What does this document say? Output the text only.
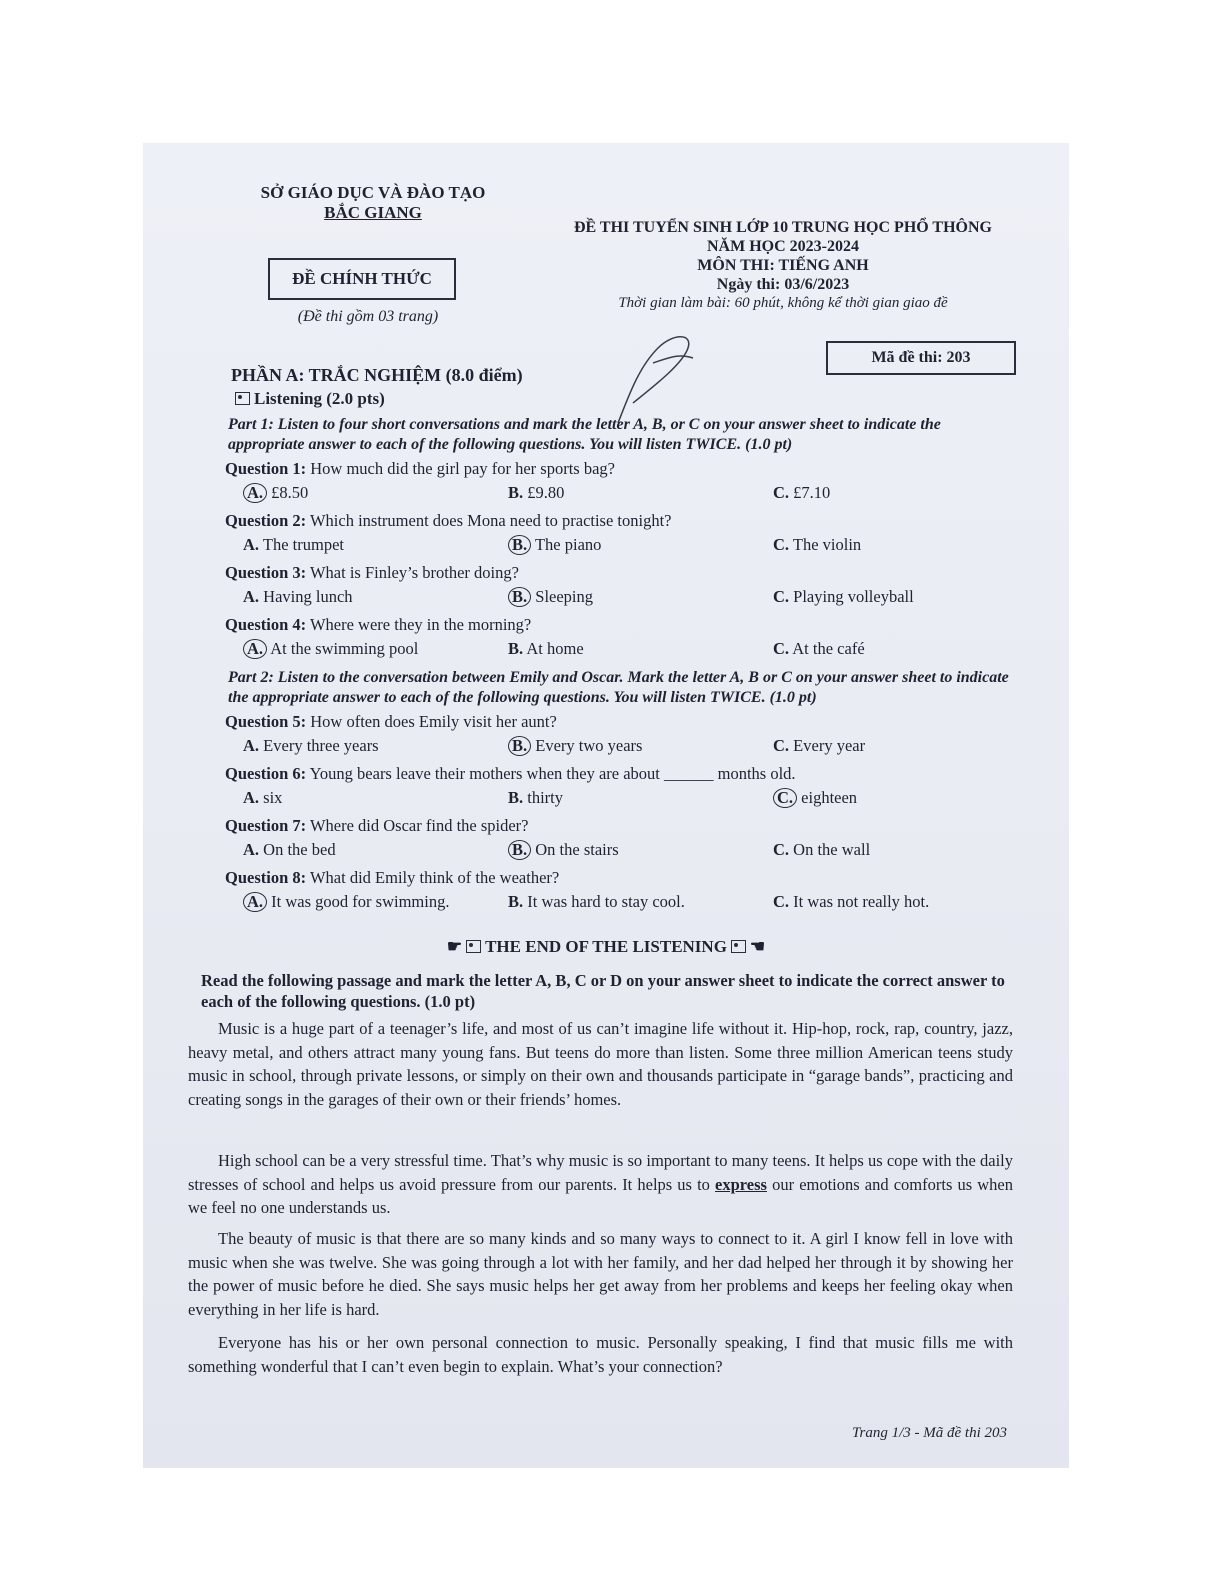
SỞ GIÁO DỤC VÀ ĐÀO TẠO
BẮC GIANG
ĐỀ CHÍNH THỨC
(Đề thi gồm 03 trang)
ĐỀ THI TUYỂN SINH LỚP 10 TRUNG HỌC PHỔ THÔNG
NĂM HỌC 2023-2024
MÔN THI: TIẾNG ANH
Ngày thi: 03/6/2023
Thời gian làm bài: 60 phút, không kể thời gian giao đề
Mã đề thi: 203
PHẦN A: TRẮC NGHIỆM (8.0 điểm)
Listening (2.0 pts)
Part 1: Listen to four short conversations and mark the letter A, B, or C on your answer sheet to indicate the appropriate answer to each of the following questions. You will listen TWICE. (1.0 pt)
Question 1: How much did the girl pay for her sports bag?
A. £8.50	B. £9.80	C. £7.10
Question 2: Which instrument does Mona need to practise tonight?
A. The trumpet	B. The piano	C. The violin
Question 3: What is Finley’s brother doing?
A. Having lunch	B. Sleeping	C. Playing volleyball
Question 4: Where were they in the morning?
A. At the swimming pool	B. At home	C. At the café
Part 2: Listen to the conversation between Emily and Oscar. Mark the letter A, B or C on your answer sheet to indicate the appropriate answer to each of the following questions. You will listen TWICE. (1.0 pt)
Question 5: How often does Emily visit her aunt?
A. Every three years	B. Every two years	C. Every year
Question 6: Young bears leave their mothers when they are about ______ months old.
A. six	B. thirty	C. eighteen
Question 7: Where did Oscar find the spider?
A. On the bed	B. On the stairs	C. On the wall
Question 8: What did Emily think of the weather?
A. It was good for swimming.	B. It was hard to stay cool.	C. It was not really hot.
☛ THE END OF THE LISTENING ☚
Read the following passage and mark the letter A, B, C or D on your answer sheet to indicate the correct answer to each of the following questions. (1.0 pt)
Music is a huge part of a teenager’s life, and most of us can’t imagine life without it. Hip-hop, rock, rap, country, jazz, heavy metal, and others attract many young fans. But teens do more than listen. Some three million American teens study music in school, through private lessons, or simply on their own and thousands participate in “garage bands”, practicing and creating songs in the garages of their own or their friends’ homes.
High school can be a very stressful time. That’s why music is so important to many teens. It helps us cope with the daily stresses of school and helps us avoid pressure from our parents. It helps us to express our emotions and comforts us when we feel no one understands us.
The beauty of music is that there are so many kinds and so many ways to connect to it. A girl I know fell in love with music when she was twelve. She was going through a lot with her family, and her dad helped her through it by showing her the power of music before he died. She says music helps her get away from her problems and keeps her feeling okay when everything in her life is hard.
Everyone has his or her own personal connection to music. Personally speaking, I find that music fills me with something wonderful that I can’t even begin to explain. What’s your connection?
Trang 1/3 - Mã đề thi 203
